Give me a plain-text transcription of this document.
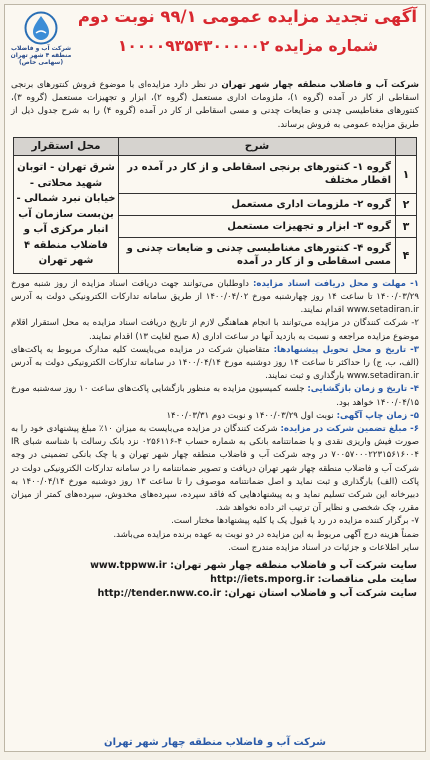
آگهی تجدید مزایده عمومی ۹۹/۱ نوبت دوم
شماره مزایده ۱۰۰۰۰۹۳۵۴۳۰۰۰۰۰۲
شرکت آب و فاضلاب منطقه ۴ شهر تهران (سهامی خاص)
شرکت آب و فاضلاب منطقه چهار شهر تهران در نظر دارد مزایده‌ای با موضوع فروش کنتورهای برنجی اسقاطی از کار در آمده (گروه ۱)، ملزومات اداری مستعمل (گروه ۲)، ابزار و تجهیزات مستعمل (گروه ۳)، کنتورهای مغناطیسی چدنی و ضایعات چدنی و مسی اسقاطی از کار در آمده (گروه ۴) را به شرح جدول ذیل از طریق مزایده عمومی به فروش برساند.
	شرح	محل استقرار
۱	گروه ۱- کنتورهای برنجی اسقاطی و از کار در آمده در اقطار مختلف	شرق تهران - اتوبان شهید محلاتی - خیابان نبرد شمالی - بن‌بست سازمان آب انبار مرکزی آب و فاضلاب منطقه ۴ شهر تهران
۲	گروه ۲- ملزومات اداری مستعمل	
۳	گروه ۳- ابزار و تجهیزات مستعمل	
۴	گروه ۴- کنتورهای مغناطیسی چدنی و ضایعات چدنی و مسی اسقاطی و از کار در آمده	

۱- مهلت و محل دریافت اسناد مزایده: داوطلبان می‌توانند جهت دریافت اسناد مزایده از روز شنبه مورخ ۱۴۰۰/۰۳/۲۹ تا ساعت ۱۴ روز چهارشنبه مورخ ۱۴۰۰/۰۴/۰۲ از طریق سامانه تدارکات الکترونیکی دولت به آدرس www.setadiran.ir اقدام نمایند.

۲- شرکت کنندگان در مزایده می‌توانند با انجام هماهنگی لازم از تاریخ دریافت اسناد مزایده به محل استقرار اقلام موضوع مزایده مراجعه و نسبت به بازدید آنها در ساعت اداری (۸ صبح لغایت ۱۳) اقدام نمایند.

۳- تاریخ و محل تحویل پیشنهادها: متقاضیان شرکت در مزایده می‌بایست کلیه مدارک مربوط به پاکت‌های (الف، ب، ج) را حداکثر تا ساعت ۱۴ روز دوشنبه مورخ ۱۴۰۰/۰۴/۱۴ در سامانه تدارکات الکترونیکی دولت به آدرس www.setadiran.ir بارگذاری و ثبت نمایند.

۴- تاریخ و زمان بازگشایی: جلسه کمیسیون مزایده به منظور بازگشایی پاکت‌های ساعت ۱۰ روز سه‌شنبه مورخ ۱۴۰۰/۰۴/۱۵ خواهد بود.

۵- زمان چاپ آگهی: نوبت اول ۱۴۰۰/۰۳/۲۹ و نوبت دوم ۱۴۰۰/۰۳/۳۱

۶- مبلغ تضمین شرکت در مزایده: شرکت کنندگان در مزایده می‌بایست به میزان ۱۰٪ مبلغ پیشنهادی خود را به صورت فیش واریزی نقدی و یا ضمانتنامه بانکی به شماره حساب ۴-۰۲۵۶۱۱۶ نزد بانک رسالت با شناسه شبای IR ۷۰۰۵۷۰۰۰۲۲۳۱۵۶۱۶۰۰۴ در وجه شرکت آب و فاضلاب منطقه چهار شهر تهران و یا چک بانکی تضمینی در وجه شرکت آب و فاضلاب منطقه چهار شهر تهران دریافت و تصویر ضمانتنامه را در سامانه تدارکات الکترونیکی دولت در پاکت (الف) بارگذاری و ثبت نماید و اصل ضمانتنامه موصوف را تا ساعت ۱۳ روز دوشنبه مورخ ۱۴۰۰/۰۴/۱۴ به دبیرخانه این شرکت تسلیم نماید و به پیشنهادهایی که فاقد سپرده، سپرده‌های مخدوش، سپرده‌های کمتر از میزان مقرر، چک شخصی و نظایر آن ترتیب اثر داده نخواهد شد.

۷- برگزار کننده مزایده در رد یا قبول یک یا کلیه پیشنهادها مختار است.

ضمناً هزینه درج آگهی مربوط به این مزایده در دو نوبت به عهده برنده مزایده می‌باشد.

سایر اطلاعات و جزئیات در اسناد مزایده مندرج است.

سایت شرکت آب و فاضلاب منطقه چهار شهر تهران: www.tppww.ir
سایت ملی مناقصات: http://iets.mporg.ir
سایت شرکت آب و فاضلاب استان تهران: http://tender.nww.co.ir
شرکت آب و فاضلاب منطقه چهار شهر تهران
